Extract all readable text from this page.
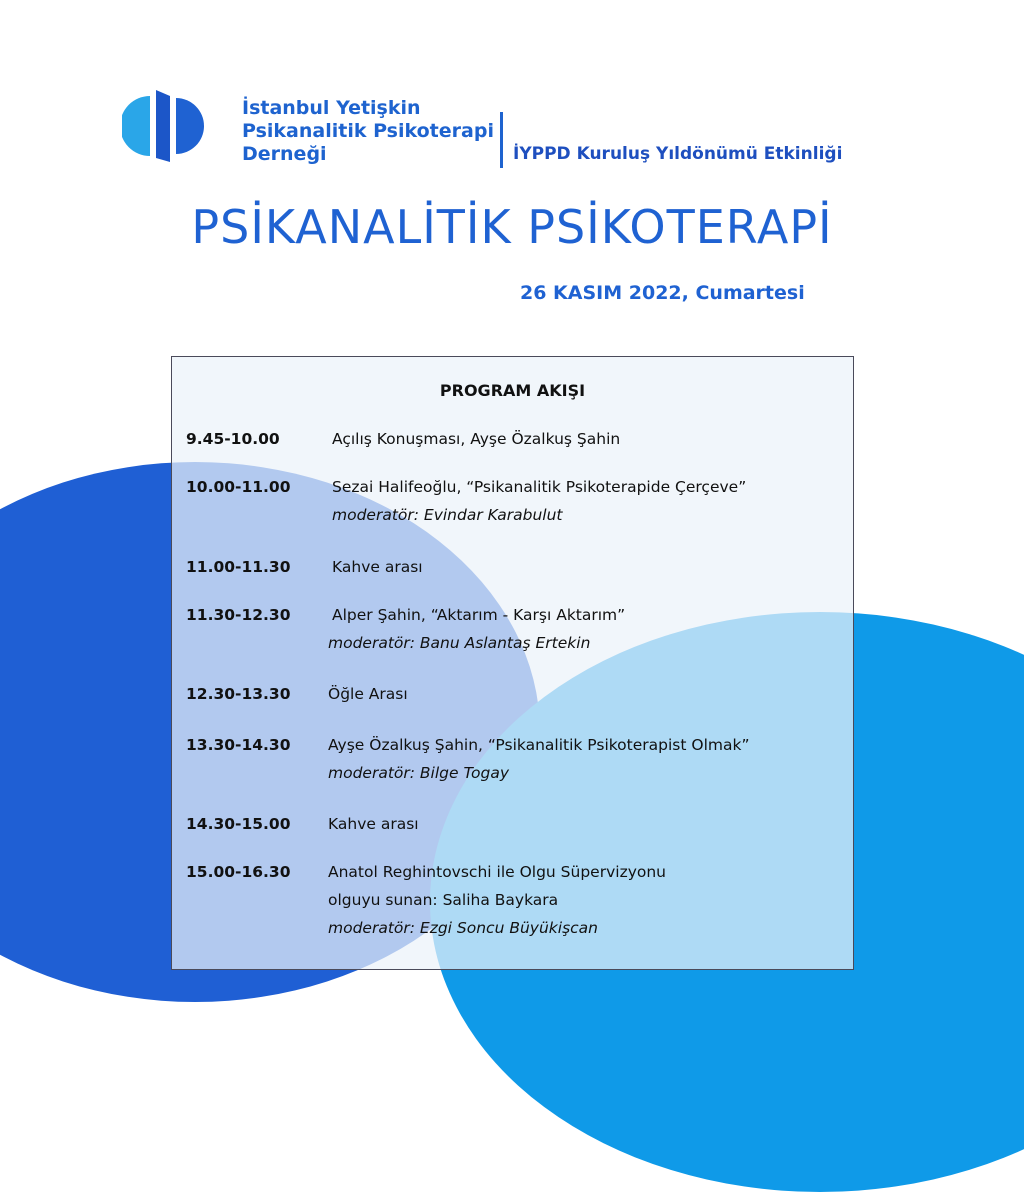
İstanbul Yetişkin
Psikanalitik Psikoterapi
Derneği	İYPPD Kuruluş Yıldönümü Etkinliği
PSİKANALİTİK PSİKOTERAPİ
26 KASIM 2022, Cumartesi
PROGRAM AKIŞI
9.45-10.00	Açılış Konuşması, Ayşe Özalkuş Şahin
10.00-11.00	Sezai Halifeoğlu, “Psikanalitik Psikoterapide Çerçeve”
moderatör: Evindar Karabulut
11.00-11.30	Kahve arası
11.30-12.30	Alper Şahin, “Aktarım - Karşı Aktarım”
moderatör: Banu Aslantaş Ertekin
12.30-13.30 Öğle Arası
13.30-14.30 Ayşe Özalkuş Şahin, “Psikanalitik Psikoterapist Olmak”
moderatör: Bilge Togay
14.30-15.00 Kahve arası
15.00-16.30 Anatol Reghintovschi ile Olgu Süpervizyonu
olguyu sunan: Saliha Baykara
moderatör: Ezgi Soncu Büyükişcan
